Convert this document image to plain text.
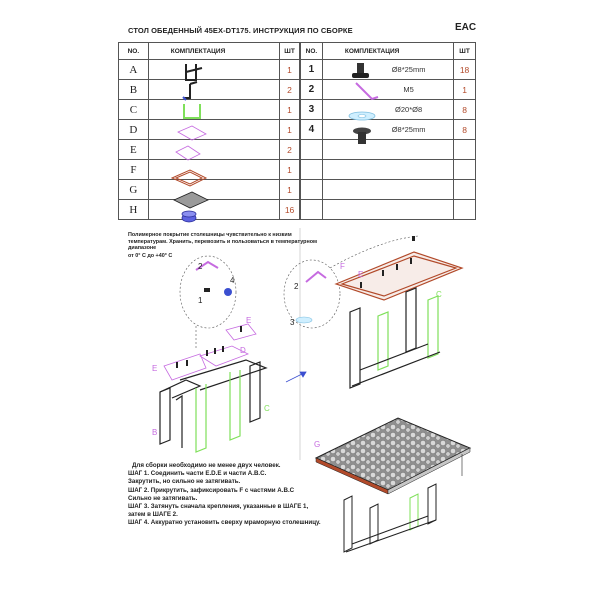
СТОЛ ОБЕДЕННЫЙ 45EX-DT175. ИНСТРУКЦИЯ ПО СБОРКЕ	EAC
NO.	КОМПЛЕКТАЦИЯ	ШТ
A		1
B		2
C		1
D		1
E		2
F		1
G		1
H		16
NO.	КОМПЛЕКТАЦИЯ		ШТ
1		Ø8*25mm	18
2		M5	1
3		Ø20*Ø8	8
4		Ø8*25mm	8

2
1
4
2
3
E
D
E
C
B
F
E
C
G
Полимерное покрытие столешницы чувствительно к низким температурам. Хранить, перевозить и пользоваться в температурном диапазоне
от 0° С до +40° С
Для сборки необходимо не менее двух человек.
ШАГ 1. Соединить части E.D.E и части A.B.C.
Закрутить, но сильно не затягивать.
ШАГ 2. Прикрутить, зафиксировать F с частями A.B.C
Сильно не затягивать.
ШАГ 3. Затянуть сначала крепления, указанные в ШАГЕ 1,
затем в ШАГЕ 2.
ШАГ 4. Аккуратно установить сверху мраморную столешницу.
